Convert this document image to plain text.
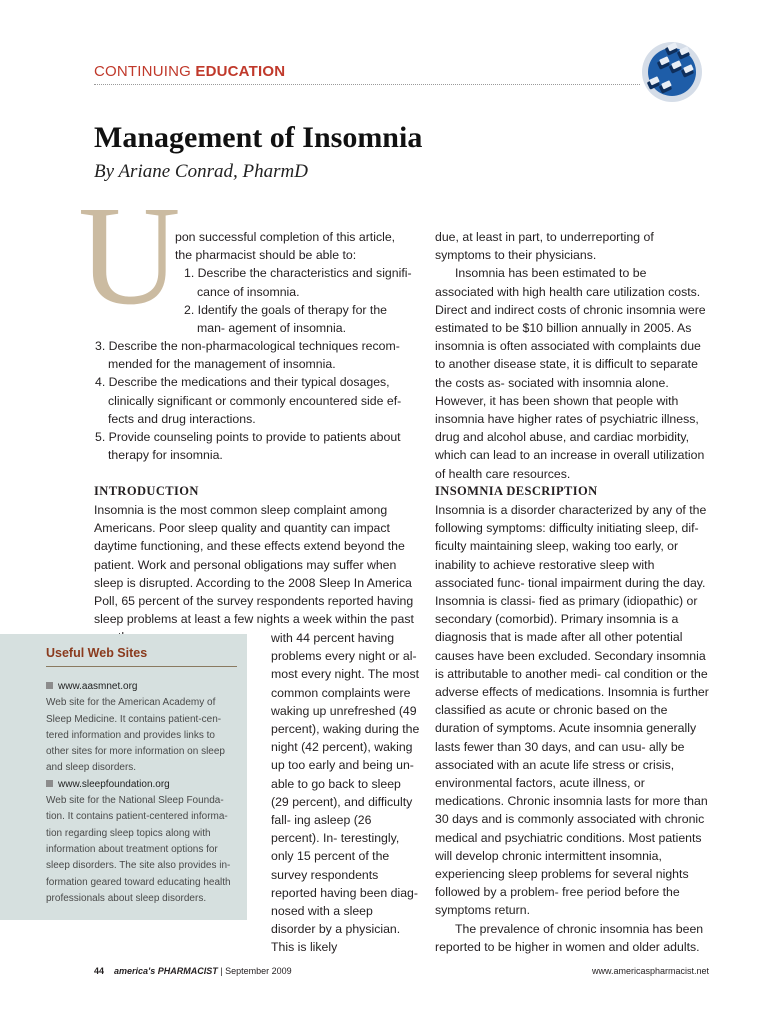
CONTINUING EDUCATION
Management of Insomnia
By Ariane Conrad, PharmD
U
pon successful completion of this article,
the pharmacist should be able to:
1. Describe the characteristics and signifi- cance of insomnia.
2. Identify the goals of therapy for the man- agement of insomnia.
3. Describe the non-pharmacological techniques recom- mended for the management of insomnia.
4. Describe the medications and their typical dosages, clinically significant or commonly encountered side ef- fects and drug interactions.
5. Provide counseling points to provide to patients about therapy for insomnia.
INTRODUCTION

Insomnia is the most common sleep complaint among Americans. Poor sleep quality and quantity can impact daytime functioning, and these effects extend beyond the patient. Work and personal obligations may suffer when sleep is disrupted. According to the 2008 Sleep In America Poll, 65 percent of the survey respondents reported having sleep problems at least a few nights a week within the past

with 44 percent having problems every night or al- most every night. The most common complaints were waking up unrefreshed (49 percent), waking during the night (42 percent), waking up too early and being un- able to go back to sleep (29 percent), and difficulty fall- ing asleep (26 percent). In- terestingly, only 15 percent of the survey respondents reported having been diag- nosed with a sleep disorder by a physician. This is likely

Useful Web Sites
www.aasmnet.org
Web site for the American Academy of Sleep Medicine. It contains patient-cen- tered information and provides links to other sites for more information on sleep and sleep disorders.
www.sleepfoundation.org
Web site for the National Sleep Founda- tion. It contains patient-centered informa- tion regarding sleep topics along with information about treatment options for sleep disorders. The site also provides in- formation geared toward educating health professionals about sleep disorders.

due, at least in part, to underreporting of symptoms to their physicians.

Insomnia has been estimated to be associated with high health care utilization costs. Direct and indirect costs of chronic insomnia were estimated to be $10 billion annually in 2005. As insomnia is often associated with complaints due to another disease state, it is difficult to separate the costs as- sociated with insomnia alone. However, it has been shown that people with insomnia have higher rates of psychiatric illness, drug and alcohol abuse, and cardiac morbidity, which can lead to an increase in overall utilization of health care resources.

INSOMNIA DESCRIPTION

Insomnia is a disorder characterized by any of the following symptoms: difficulty initiating sleep, dif- ficulty maintaining sleep, waking too early, or inability to achieve restorative sleep with associated func- tional impairment during the day. Insomnia is classi- fied as primary (idiopathic) or secondary (comorbid). Primary insomnia is a diagnosis that is made after all other potential causes have been excluded. Secondary insomnia is attributable to another medi- cal condition or the adverse effects of medications. Insomnia is further classified as acute or chronic based on the duration of symptoms. Acute insomnia generally lasts fewer than 30 days, and can usu- ally be associated with an acute life stress or crisis, environmental factors, acute illness, or medications. Chronic insomnia lasts for more than 30 days and is commonly associated with chronic medical and psychiatric conditions. Most patients will develop chronic intermittent insomnia, experiencing sleep problems for several nights followed by a problem- free period before the symptoms return.

The prevalence of chronic insomnia has been reported to be higher in women and older adults.

44 america's PHARMACIST | September 2009	www.americaspharmacist.net
